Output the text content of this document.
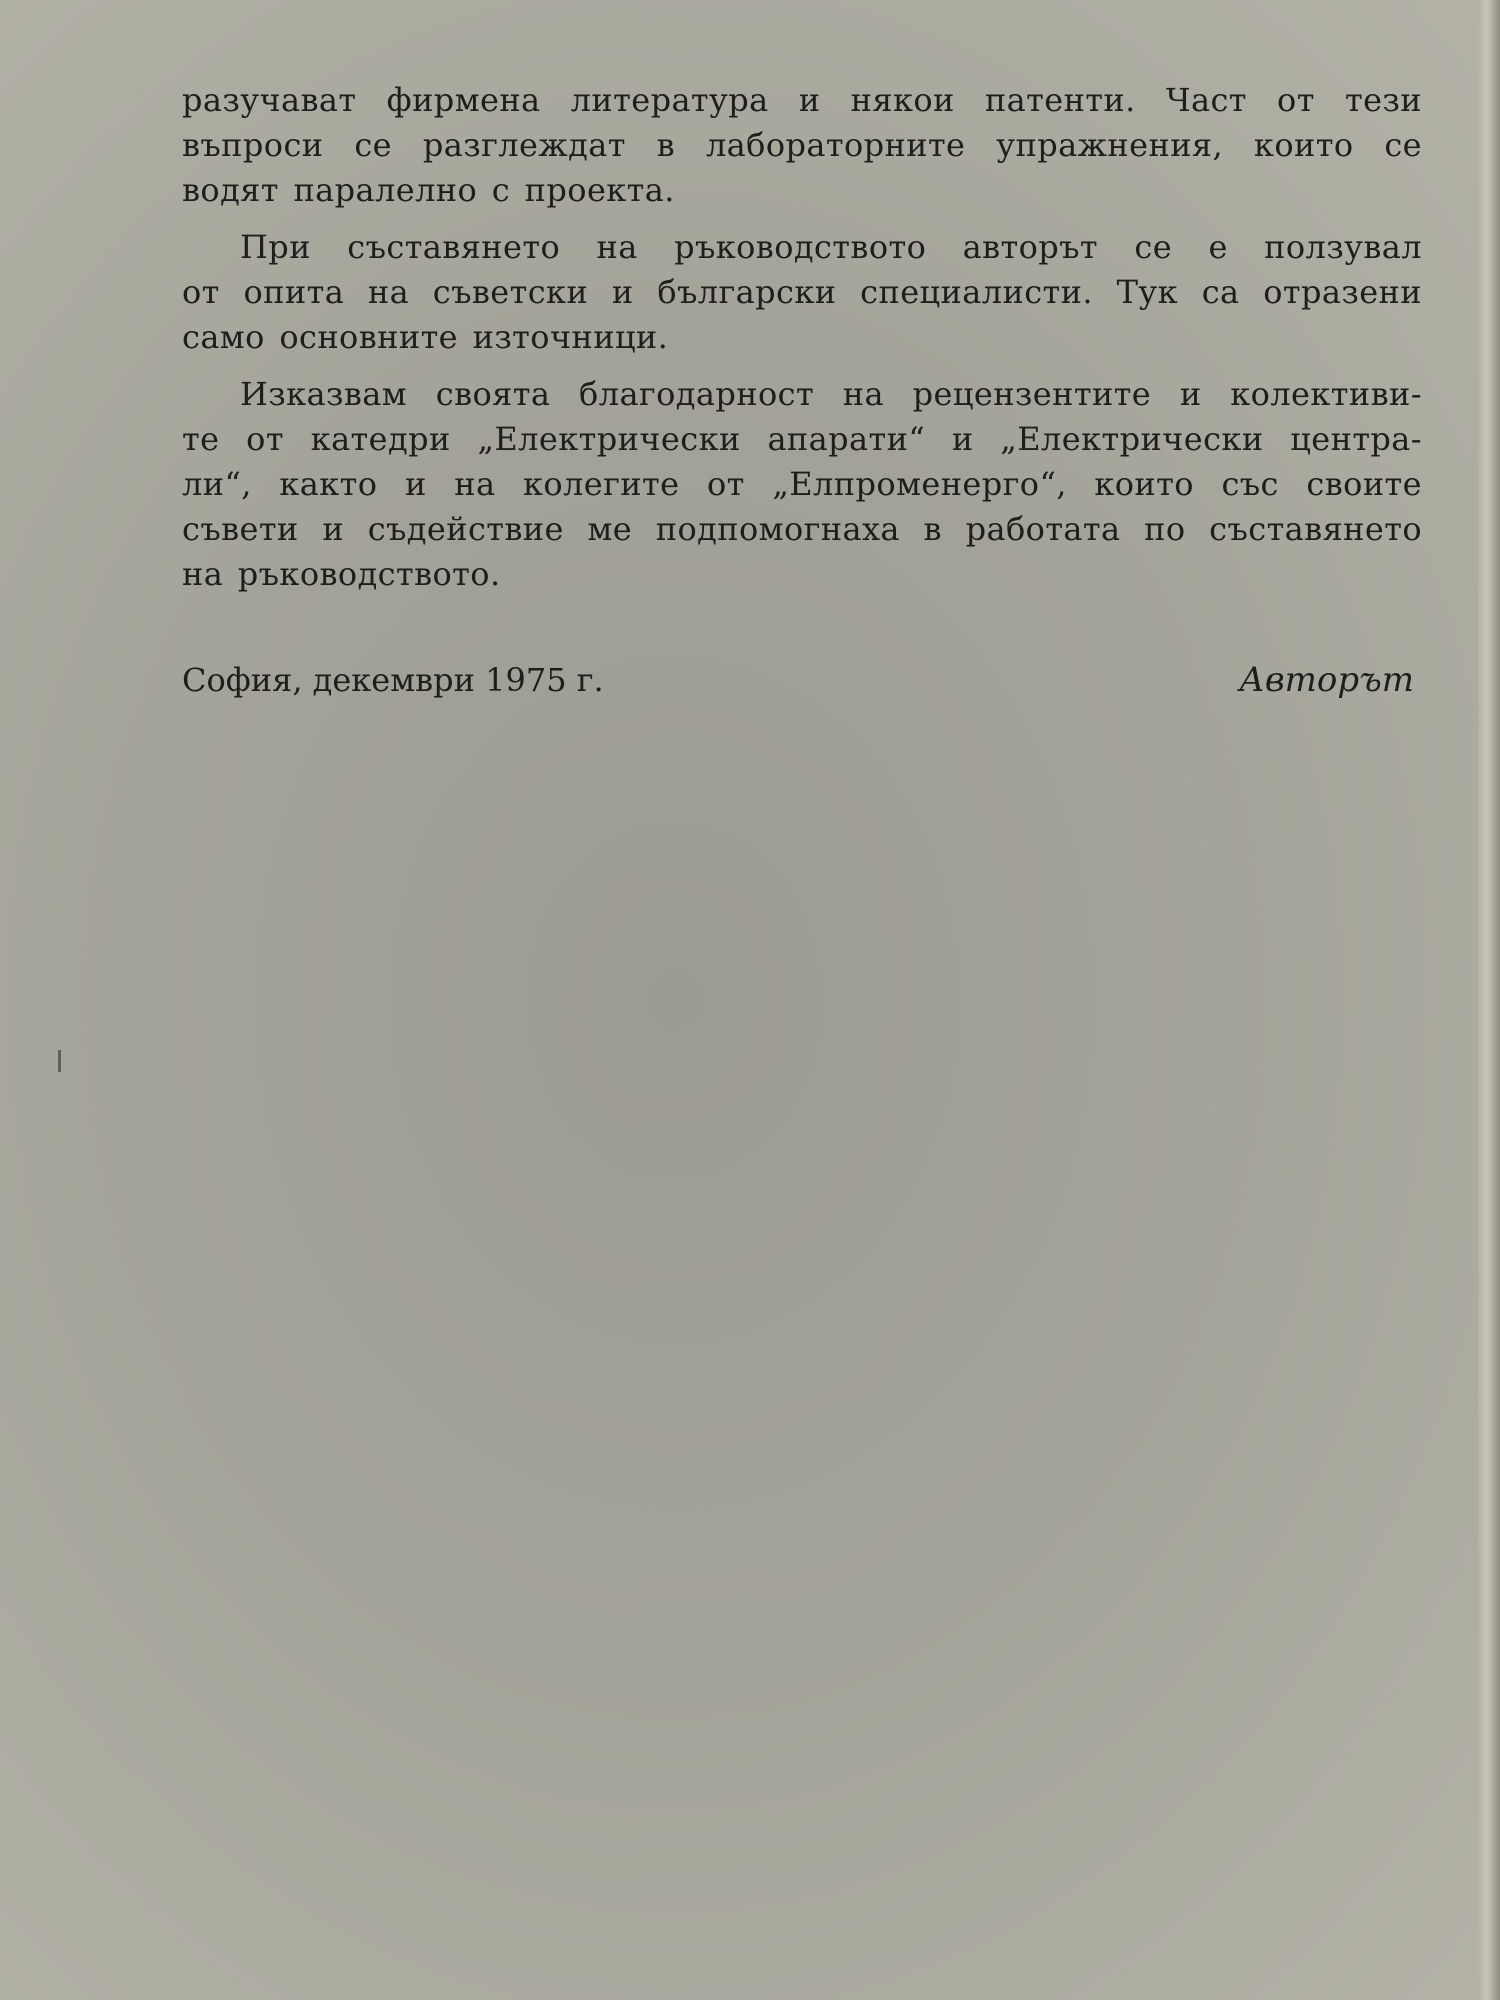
разучават фирмена литература и някои патенти. Част от тези
въпроси се разглеждат в лабораторните упражнения, които се
водят паралелно с проекта.
При съставянето на ръководството авторът се е ползувал
от опита на съветски и български специалисти. Тук са отразени
само основните източници.
Изказвам своята благодарност на рецензентите и колективи-
те от катедри „Електрически апарати“ и „Електрически центра-
ли“, както и на колегите от „Елпроменерго“, които със своите
съвети и съдействие ме подпомогнаха в работата по съставянето
на ръководството.
София, декември 1975 г.	Авторът
